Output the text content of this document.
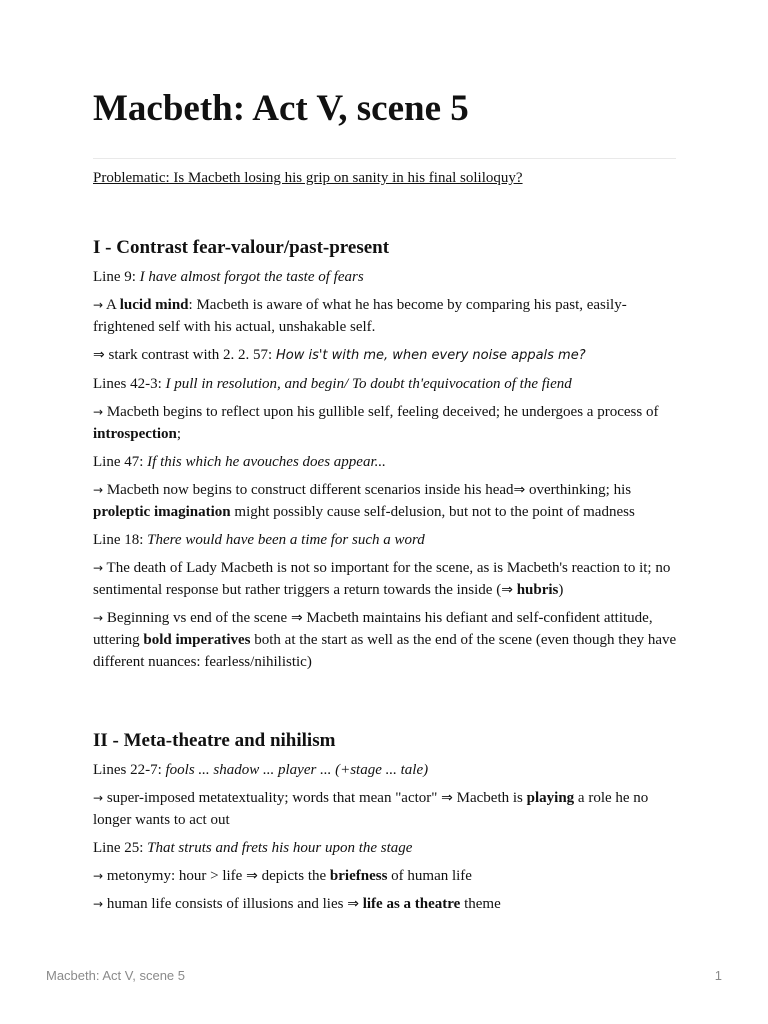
Macbeth: Act V, scene 5
Problematic: Is Macbeth losing his grip on sanity in his final soliloquy?
I - Contrast fear-valour/past-present

Line 9: I have almost forgot the taste of fears

→ A lucid mind: Macbeth is aware of what he has become by comparing his past, easily-frightened self with his actual, unshakable self.

⇒ stark contrast with 2. 2. 57: How is't with me, when every noise appals me?

Lines 42-3: I pull in resolution, and begin/ To doubt th'equivocation of the fiend

→ Macbeth begins to reflect upon his gullible self, feeling deceived; he undergoes a process of introspection;

Line 47: If this which he avouches does appear...

→ Macbeth now begins to construct different scenarios inside his head⇒ overthinking; his proleptic imagination might possibly cause self-delusion, but not to the point of madness

Line 18: There would have been a time for such a word

→ The death of Lady Macbeth is not so important for the scene, as is Macbeth's reaction to it; no sentimental response but rather triggers a return towards the inside (⇒ hubris)

→ Beginning vs end of the scene ⇒ Macbeth maintains his defiant and self-confident attitude, uttering bold imperatives both at the start as well as the end of the scene (even though they have different nuances: fearless/nihilistic)

II - Meta-theatre and nihilism

Lines 22-7: fools ... shadow ... player ... (+stage ... tale)

→ super-imposed metatextuality; words that mean "actor" ⇒ Macbeth is playing a role he no longer wants to act out

Line 25: That struts and frets his hour upon the stage

→ metonymy: hour > life ⇒ depicts the briefness of human life

→ human life consists of illusions and lies ⇒ life as a theatre theme

Macbeth: Act V, scene 5	1
